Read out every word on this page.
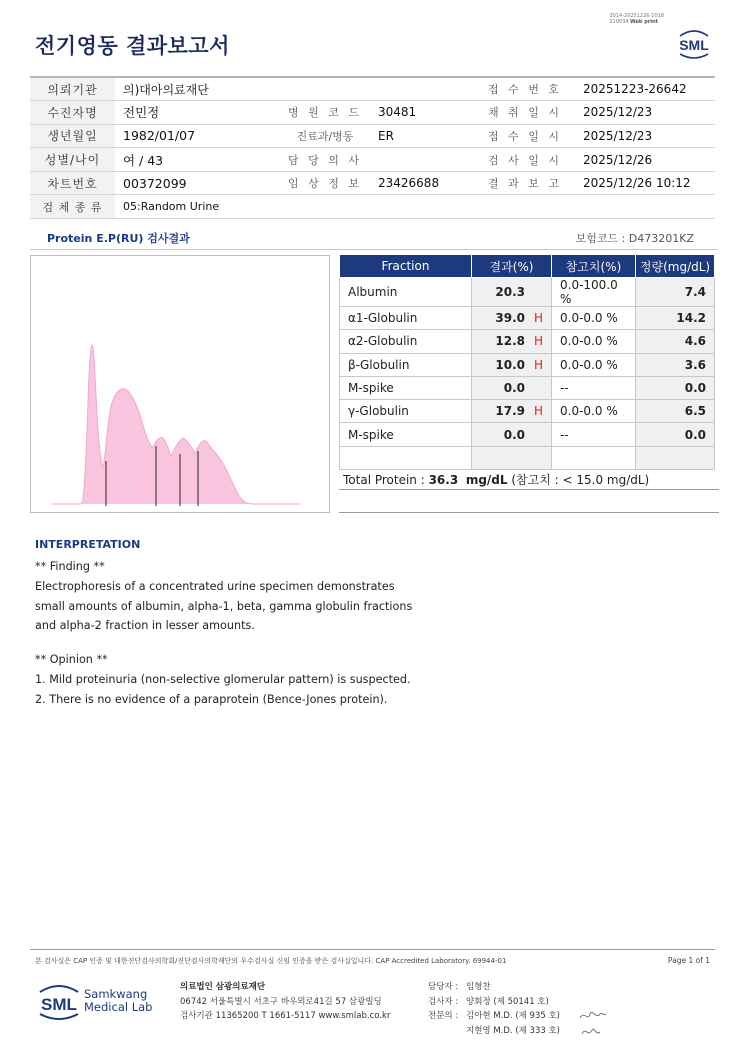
3014-20251226-1018
210034 Web print
SML
전기영동 결과보고서
의뢰기관	의)대아의료재단			접 수 번 호	20251223-26642
수진자명	전민정	병 원 코 드	30481	채 취 일 시	2025/12/23
생년월일	1982/01/07	진료과/병동	ER	접 수 일 시	2025/12/23
성별/나이	여 / 43	담 당 의 사		검 사 일 시	2025/12/26
차트번호	00372099	임 상 정 보	23426688	결 과 보 고	2025/12/26 10:12
검 체 종 류	05:Random Urine				
Protein E.P(RU) 검사결과	보험코드 : D473201KZ
Fraction	결과(%)	참고치(%)	정량(mg/dL)
Albumin	20.3	0.0-100.0 %	7.4
α1-Globulin	39.0 H	0.0-0.0 %	14.2
α2-Globulin	12.8 H	0.0-0.0 %	4.6
β-Globulin	10.0 H	0.0-0.0 %	3.6
M-spike	0.0	--	0.0
γ-Globulin	17.9 H	0.0-0.0 %	6.5
M-spike	0.0	--	0.0

Total Protein : 36.3 mg/dL (참고치 : < 15.0 mg/dL)
INTERPRETATION

** Finding **

Electrophoresis of a concentrated urine specimen demonstrates

small amounts of albumin, alpha-1, beta, gamma globulin fractions

and alpha-2 fraction in lesser amounts.

** Opinion **

1. Mild proteinuria (non-selective glomerular pattern) is suspected.

2. There is no evidence of a paraprotein (Bence-Jones protein).

본 검사실은 CAP 인증 및 대한진단검사의학회/진단검사의학재단의 우수검사실 신임 인증을 받은 검사실입니다. CAP Accredited Laboratory. 69944-01	Page 1 of 1
SML
Samkwang
Medical Lab
의료법인 삼광의료재단
06742 서울특별시 서초구 바우뫼로41길 57 삼광빌딩
검사기관 11365200 T 1661-5117 www.smlab.co.kr
담당자 : 임형찬
검사자 : 양회정 (제 50141 호)
전문의 : 김아현 M.D. (제 935 호)
지현영 M.D. (제 333 호)
